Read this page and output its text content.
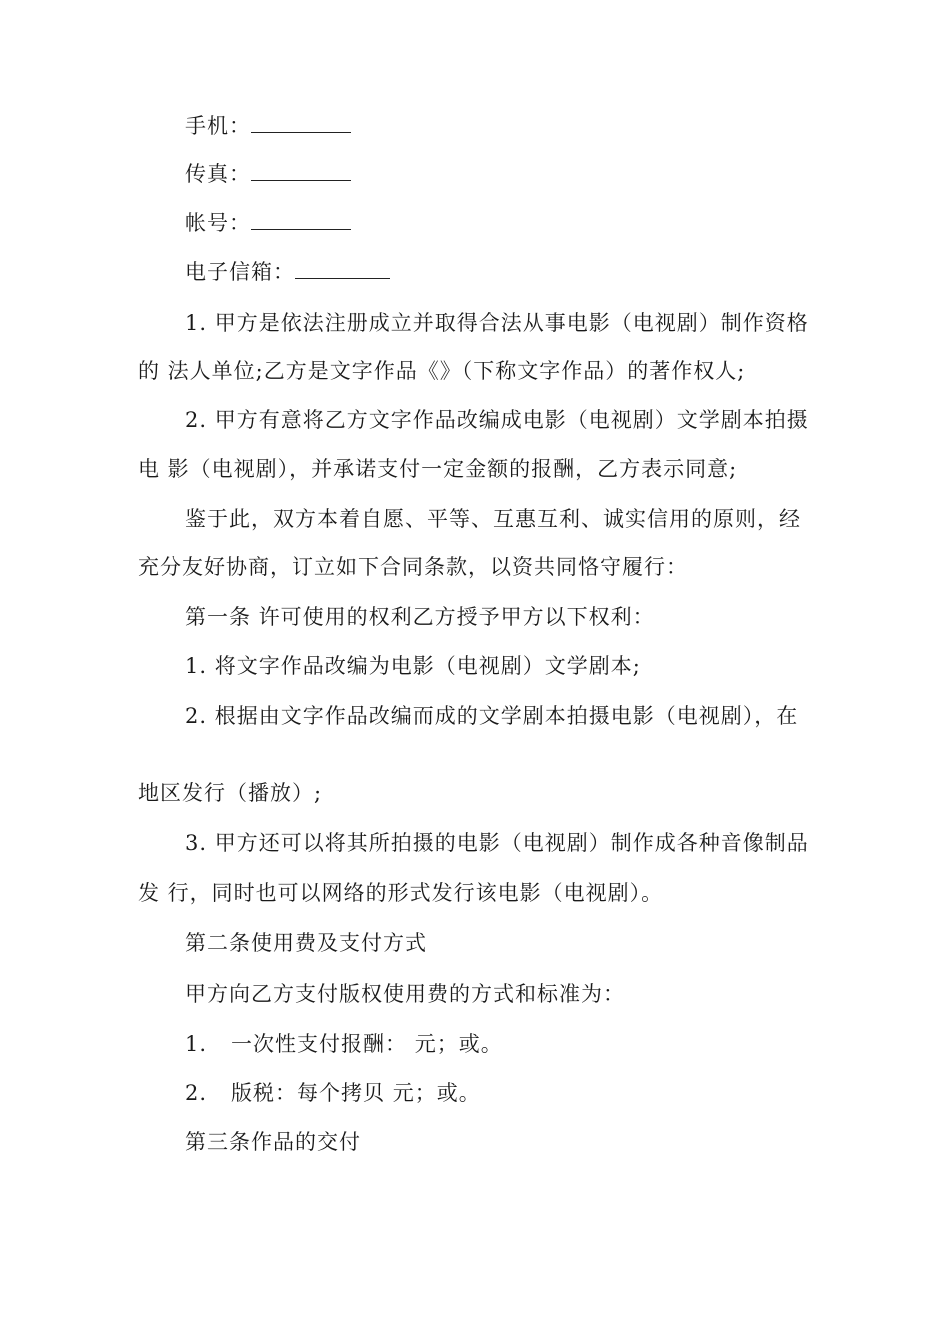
手机：
传真：
帐号：
电子信箱：
1. 甲方是依法注册成立并取得合法从事电影（电视剧）制作资格
的 法人单位;乙方是文字作品《》（下称文字作品）的著作权人;
2. 甲方有意将乙方文字作品改编成电影（电视剧）文学剧本拍摄
电 影（电视剧），并承诺支付一定金额的报酬，乙方表示同意;
鉴于此，双方本着自愿、平等、互惠互利、诚实信用的原则，经
充分友好协商，订立如下合同条款，以资共同恪守履行：
第一条 许可使用的权利乙方授予甲方以下权利：
1. 将文字作品改编为电影（电视剧）文学剧本;
2. 根据由文字作品改编而成的文学剧本拍摄电影（电视剧），在
地区发行（播放）;
3. 甲方还可以将其所拍摄的电影（电视剧）制作成各种音像制品
发 行，同时也可以网络的形式发行该电影（电视剧）。
第二条使用费及支付方式
甲方向乙方支付版权使用费的方式和标准为：
1. 一次性支付报酬： 元；或。
2. 版税：每个拷贝 元；或。
第三条作品的交付
